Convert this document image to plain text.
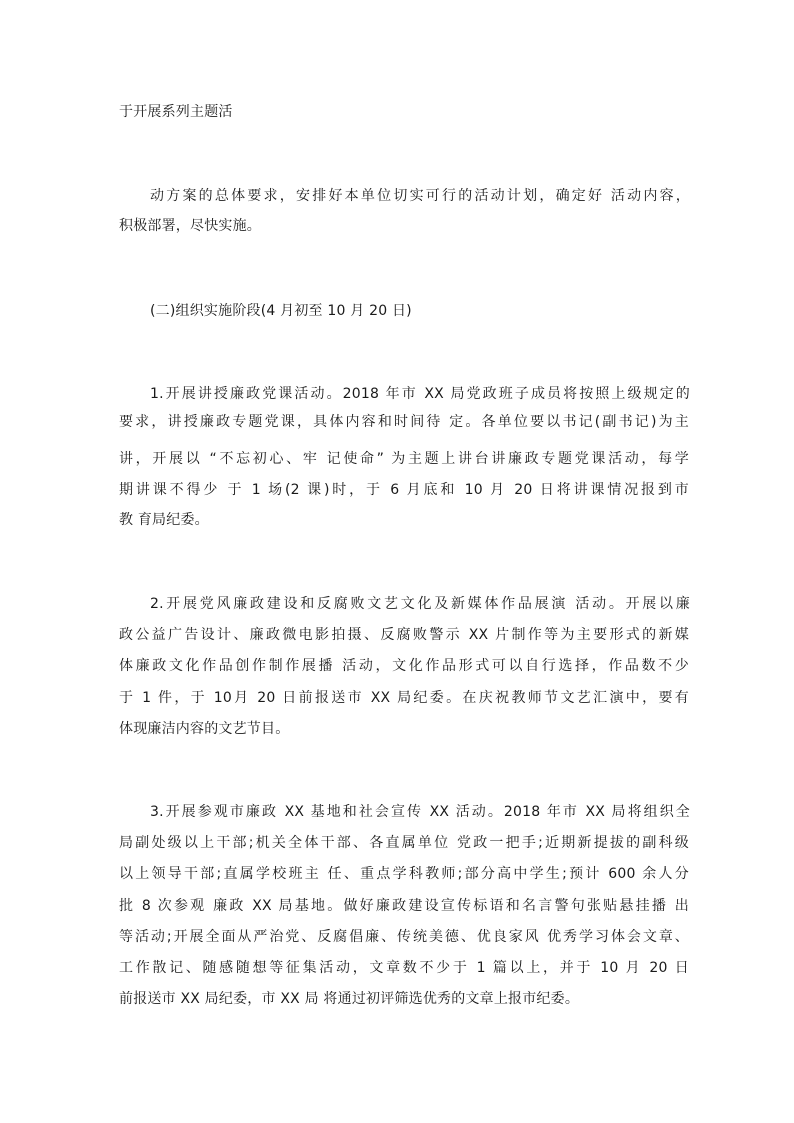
于开展系列主题活
动方案的总体要求，安排好本单位切实可行的活动计划，确定好 活动内容，
积极部署，尽快实施。
(二)组织实施阶段(4 月初至 10 月 20 日)
1.开展讲授廉政党课活动。2018 年市 XX 局党政班子成员将按照上级规定的
要求，讲授廉政专题党课，具体内容和时间待 定。各单位要以书记(副书记)为主
讲，开展以 “不忘初心、牢 记使命” 为主题上讲台讲廉政专题党课活动，每学
期讲课不得少 于 1 场(2 课)时，于 6 月底和 10 月 20 日将讲课情况报到市
教 育局纪委。
2.开展党风廉政建设和反腐败文艺文化及新媒体作品展演 活动。开展以廉
政公益广告设计、廉政微电影拍摄、反腐败警示 XX 片制作等为主要形式的新媒
体廉政文化作品创作制作展播 活动，文化作品形式可以自行选择，作品数不少
于 1 件，于 10月 20 日前报送市 XX 局纪委。在庆祝教师节文艺汇演中，要有
体现廉洁内容的文艺节目。
3.开展参观市廉政 XX 基地和社会宣传 XX 活动。2018 年市 XX 局将组织全
局副处级以上干部;机关全体干部、各直属单位 党政一把手;近期新提拔的副科级
以上领导干部;直属学校班主 任、重点学科教师;部分高中学生;预计 600 余人分
批 8 次参观 廉政 XX 局基地。做好廉政建设宣传标语和名言警句张贴悬挂播 出
等活动;开展全面从严治党、反腐倡廉、传统美德、优良家风 优秀学习体会文章、
工作散记、随感随想等征集活动，文章数不少于 1 篇以上，并于 10 月 20 日
前报送市 XX 局纪委，市 XX 局 将通过初评筛选优秀的文章上报市纪委。
